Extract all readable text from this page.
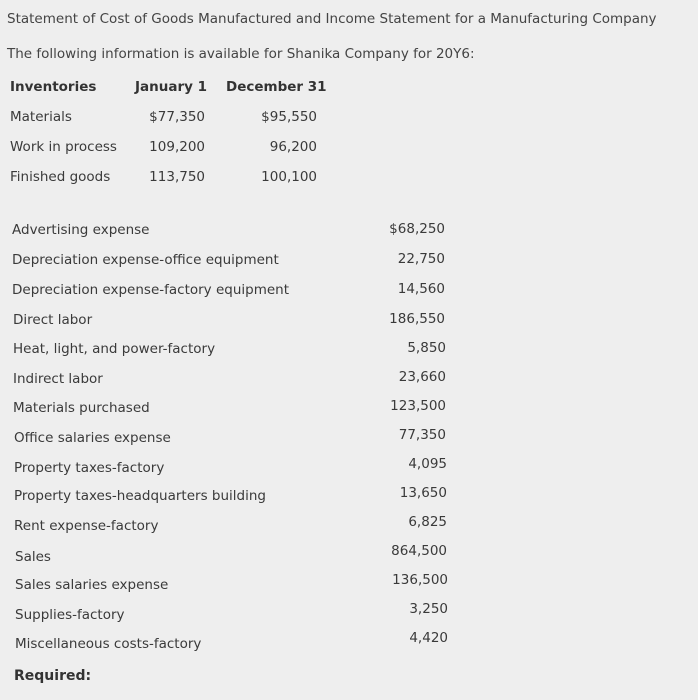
Statement of Cost of Goods Manufactured and Income Statement for a Manufacturing Company
The following information is available for Shanika Company for 20Y6:
Inventories	January 1 December 31
Materials	$77,350	$95,550
Work in process	109,200	96,200
Finished goods	113,750	100,100
Advertising expense	$68,250
Depreciation expense-office equipment	22,750
Depreciation expense-factory equipment	14,560
Direct labor	186,550
Heat, light, and power-factory	5,850
Indirect labor	23,660
Materials purchased	123,500
Office salaries expense	77,350
Property taxes-factory	4,095
Property taxes-headquarters building	13,650
Rent expense-factory	6,825
Sales	864,500
Sales salaries expense	136,500
Supplies-factory	3,250
Miscellaneous costs-factory	4,420
Required:
